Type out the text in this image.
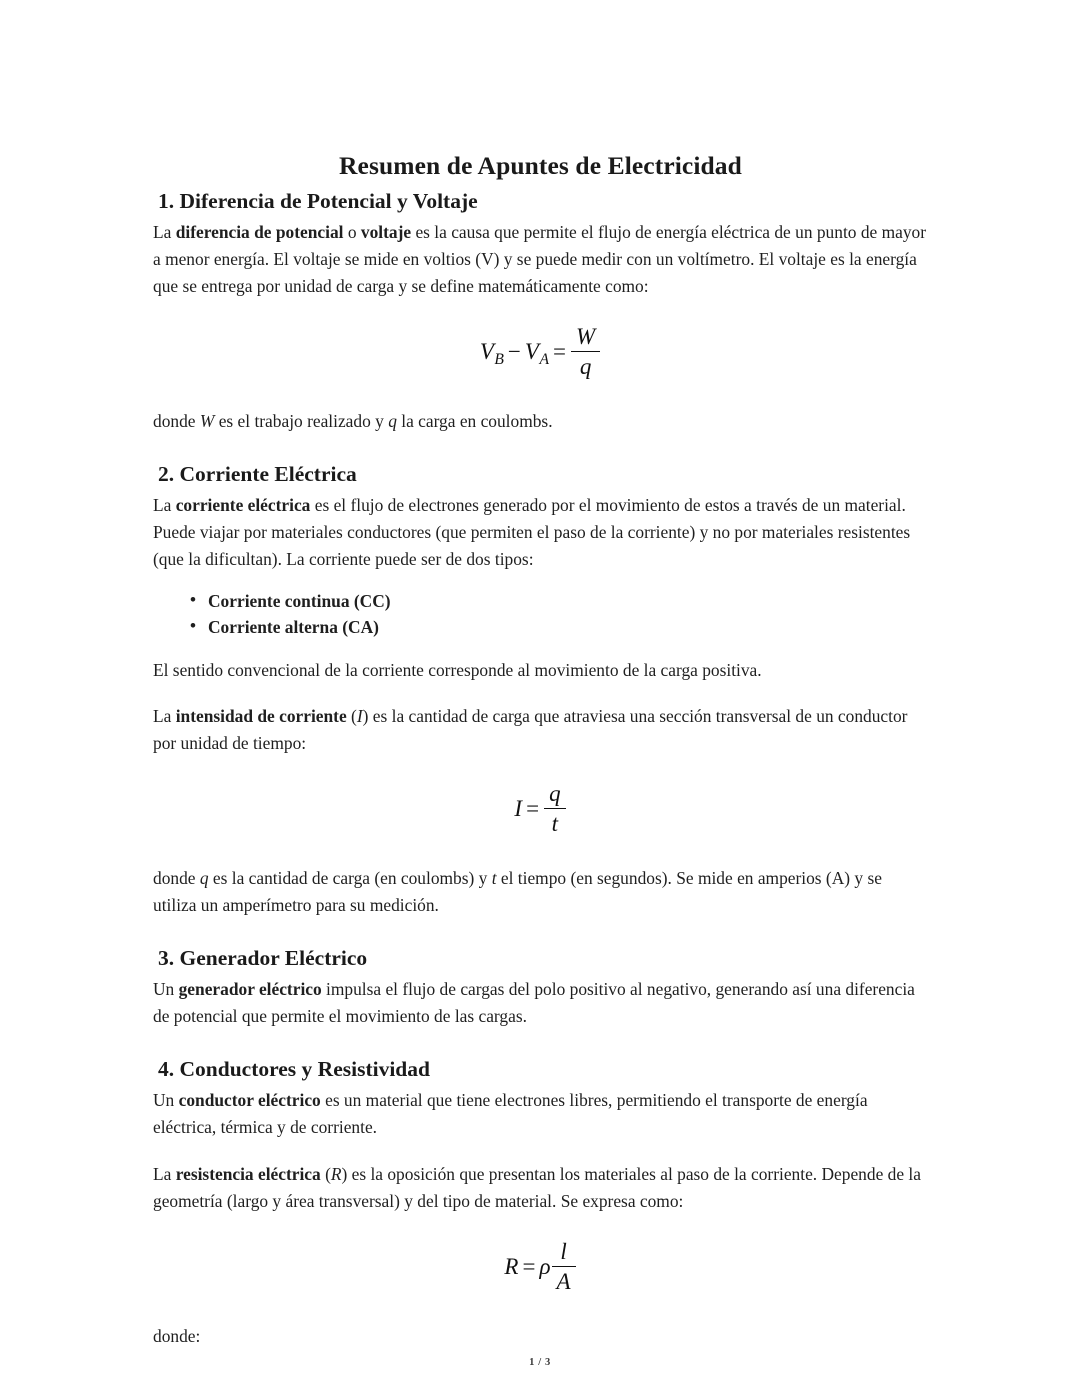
Resumen de Apuntes de Electricidad
1. Diferencia de Potencial y Voltaje

La diferencia de potencial o voltaje es la causa que permite el flujo de energía eléctrica de un punto de mayor a menor energía. El voltaje se mide en voltios (V) y se puede medir con un voltímetro. El voltaje es la energía que se entrega por unidad de carga y se define matemáticamente como:

$V_B - V_A = \frac{W}{q}$

donde W es el trabajo realizado y q la carga en coulombs.

2. Corriente Eléctrica

La corriente eléctrica es el flujo de electrones generado por el movimiento de estos a través de un material. Puede viajar por materiales conductores (que permiten el paso de la corriente) y no por materiales resistentes (que la dificultan). La corriente puede ser de dos tipos:

• Corriente continua (CC)
• Corriente alterna (CA)

El sentido convencional de la corriente corresponde al movimiento de la carga positiva.

La intensidad de corriente (I) es la cantidad de carga que atraviesa una sección transversal de un conductor por unidad de tiempo:

$I = \frac{q}{t}$

donde q es la cantidad de carga (en coulombs) y t el tiempo (en segundos). Se mide en amperios (A) y se utiliza un amperímetro para su medición.

3. Generador Eléctrico

Un generador eléctrico impulsa el flujo de cargas del polo positivo al negativo, generando así una diferencia de potencial que permite el movimiento de las cargas.

4. Conductores y Resistividad

Un conductor eléctrico es un material que tiene electrones libres, permitiendo el transporte de energía eléctrica, térmica y de corriente.

La resistencia eléctrica (R) es la oposición que presentan los materiales al paso de la corriente. Depende de la geometría (largo y área transversal) y del tipo de material. Se expresa como:

R = ρ $\frac{l}{A}$

donde:

1 / 3
